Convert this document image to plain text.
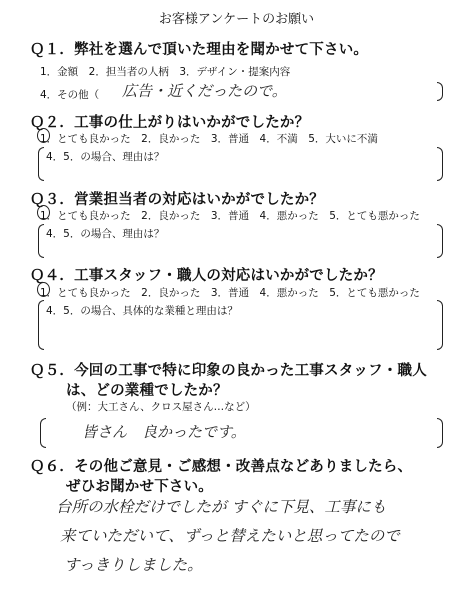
お客様アンケートのお願い
Ｑ１．弊社を選んで頂いた理由を聞かせて下さい。
1．金額　2．担当者の人柄　3．デザイン・提案内容
4．その他（ 広告・近くだったので。
Ｑ２．工事の仕上がりはいかがでしたか？
1．とても良かった　2．良かった　3．普通　4．不満　5．大いに不満
4．5．の場合、理由は？
Ｑ３．営業担当者の対応はいかがでしたか？
1．とても良かった　2．良かった　3．普通　4．悪かった　5．とても悪かった
4．5．の場合、理由は？
Ｑ４．工事スタッフ・職人の対応はいかがでしたか？
1．とても良かった　2．良かった　3．普通　4．悪かった　5．とても悪かった
4．5．の場合、具体的な業種と理由は？
Ｑ５．今回の工事で特に印象の良かった工事スタッフ・職人
は、どの業種でしたか？
（例：大工さん、クロス屋さん…など）
皆さん　良かったです。
Ｑ６．その他ご意見・ご感想・改善点などありましたら、
ぜひお聞かせ下さい。
台所の水栓だけでしたが すぐに下見、工事にも
来ていただいて、ずっと替えたいと思ってたので
すっきりしました。
